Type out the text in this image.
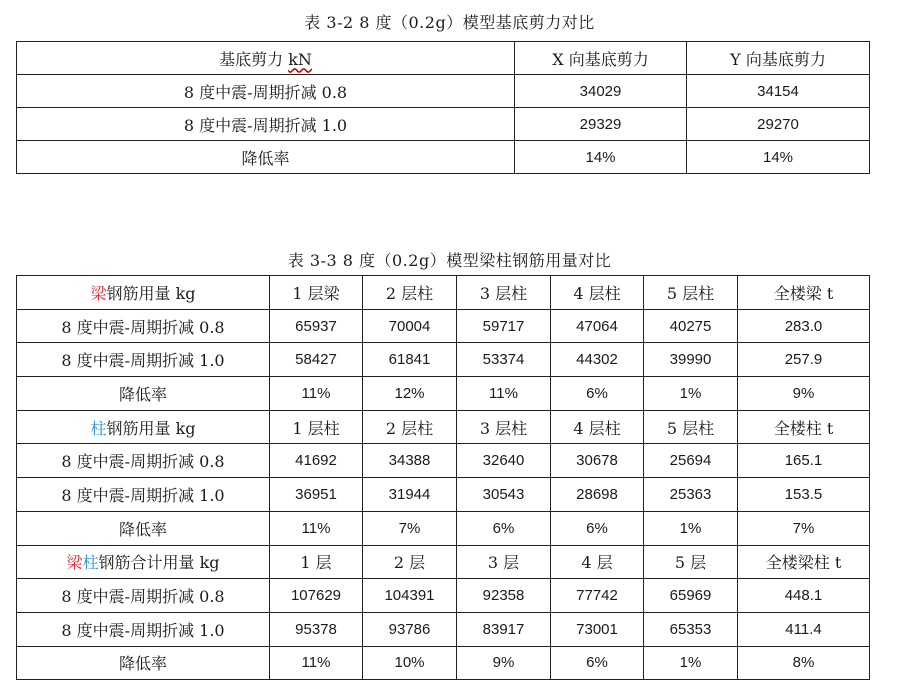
表 3-2 8 度（0.2g）模型基底剪力对比
基底剪力 kN	X 向基底剪力	Y 向基底剪力
8 度中震-周期折减 0.8	34029	34154
8 度中震-周期折减 1.0	29329	29270
降低率	14%	14%
表 3-3 8 度（0.2g）模型梁柱钢筋用量对比
梁钢筋用量 kg	1 层梁	2 层柱	3 层柱	4 层柱	5 层柱	全楼梁 t
8 度中震-周期折减 0.8	65937	70004	59717	47064	40275	283.0
8 度中震-周期折减 1.0	58427	61841	53374	44302	39990	257.9
降低率	11%	12%	11%	6%	1%	9%
柱钢筋用量 kg	1 层柱	2 层柱	3 层柱	4 层柱	5 层柱	全楼柱 t
8 度中震-周期折减 0.8	41692	34388	32640	30678	25694	165.1
8 度中震-周期折减 1.0	36951	31944	30543	28698	25363	153.5
降低率	11%	7%	6%	6%	1%	7%
梁柱钢筋合计用量 kg	1 层	2 层	3 层	4 层	5 层	全楼梁柱 t
8 度中震-周期折减 0.8	107629	104391	92358	77742	65969	448.1
8 度中震-周期折减 1.0	95378	93786	83917	73001	65353	411.4
降低率	11%	10%	9%	6%	1%	8%
